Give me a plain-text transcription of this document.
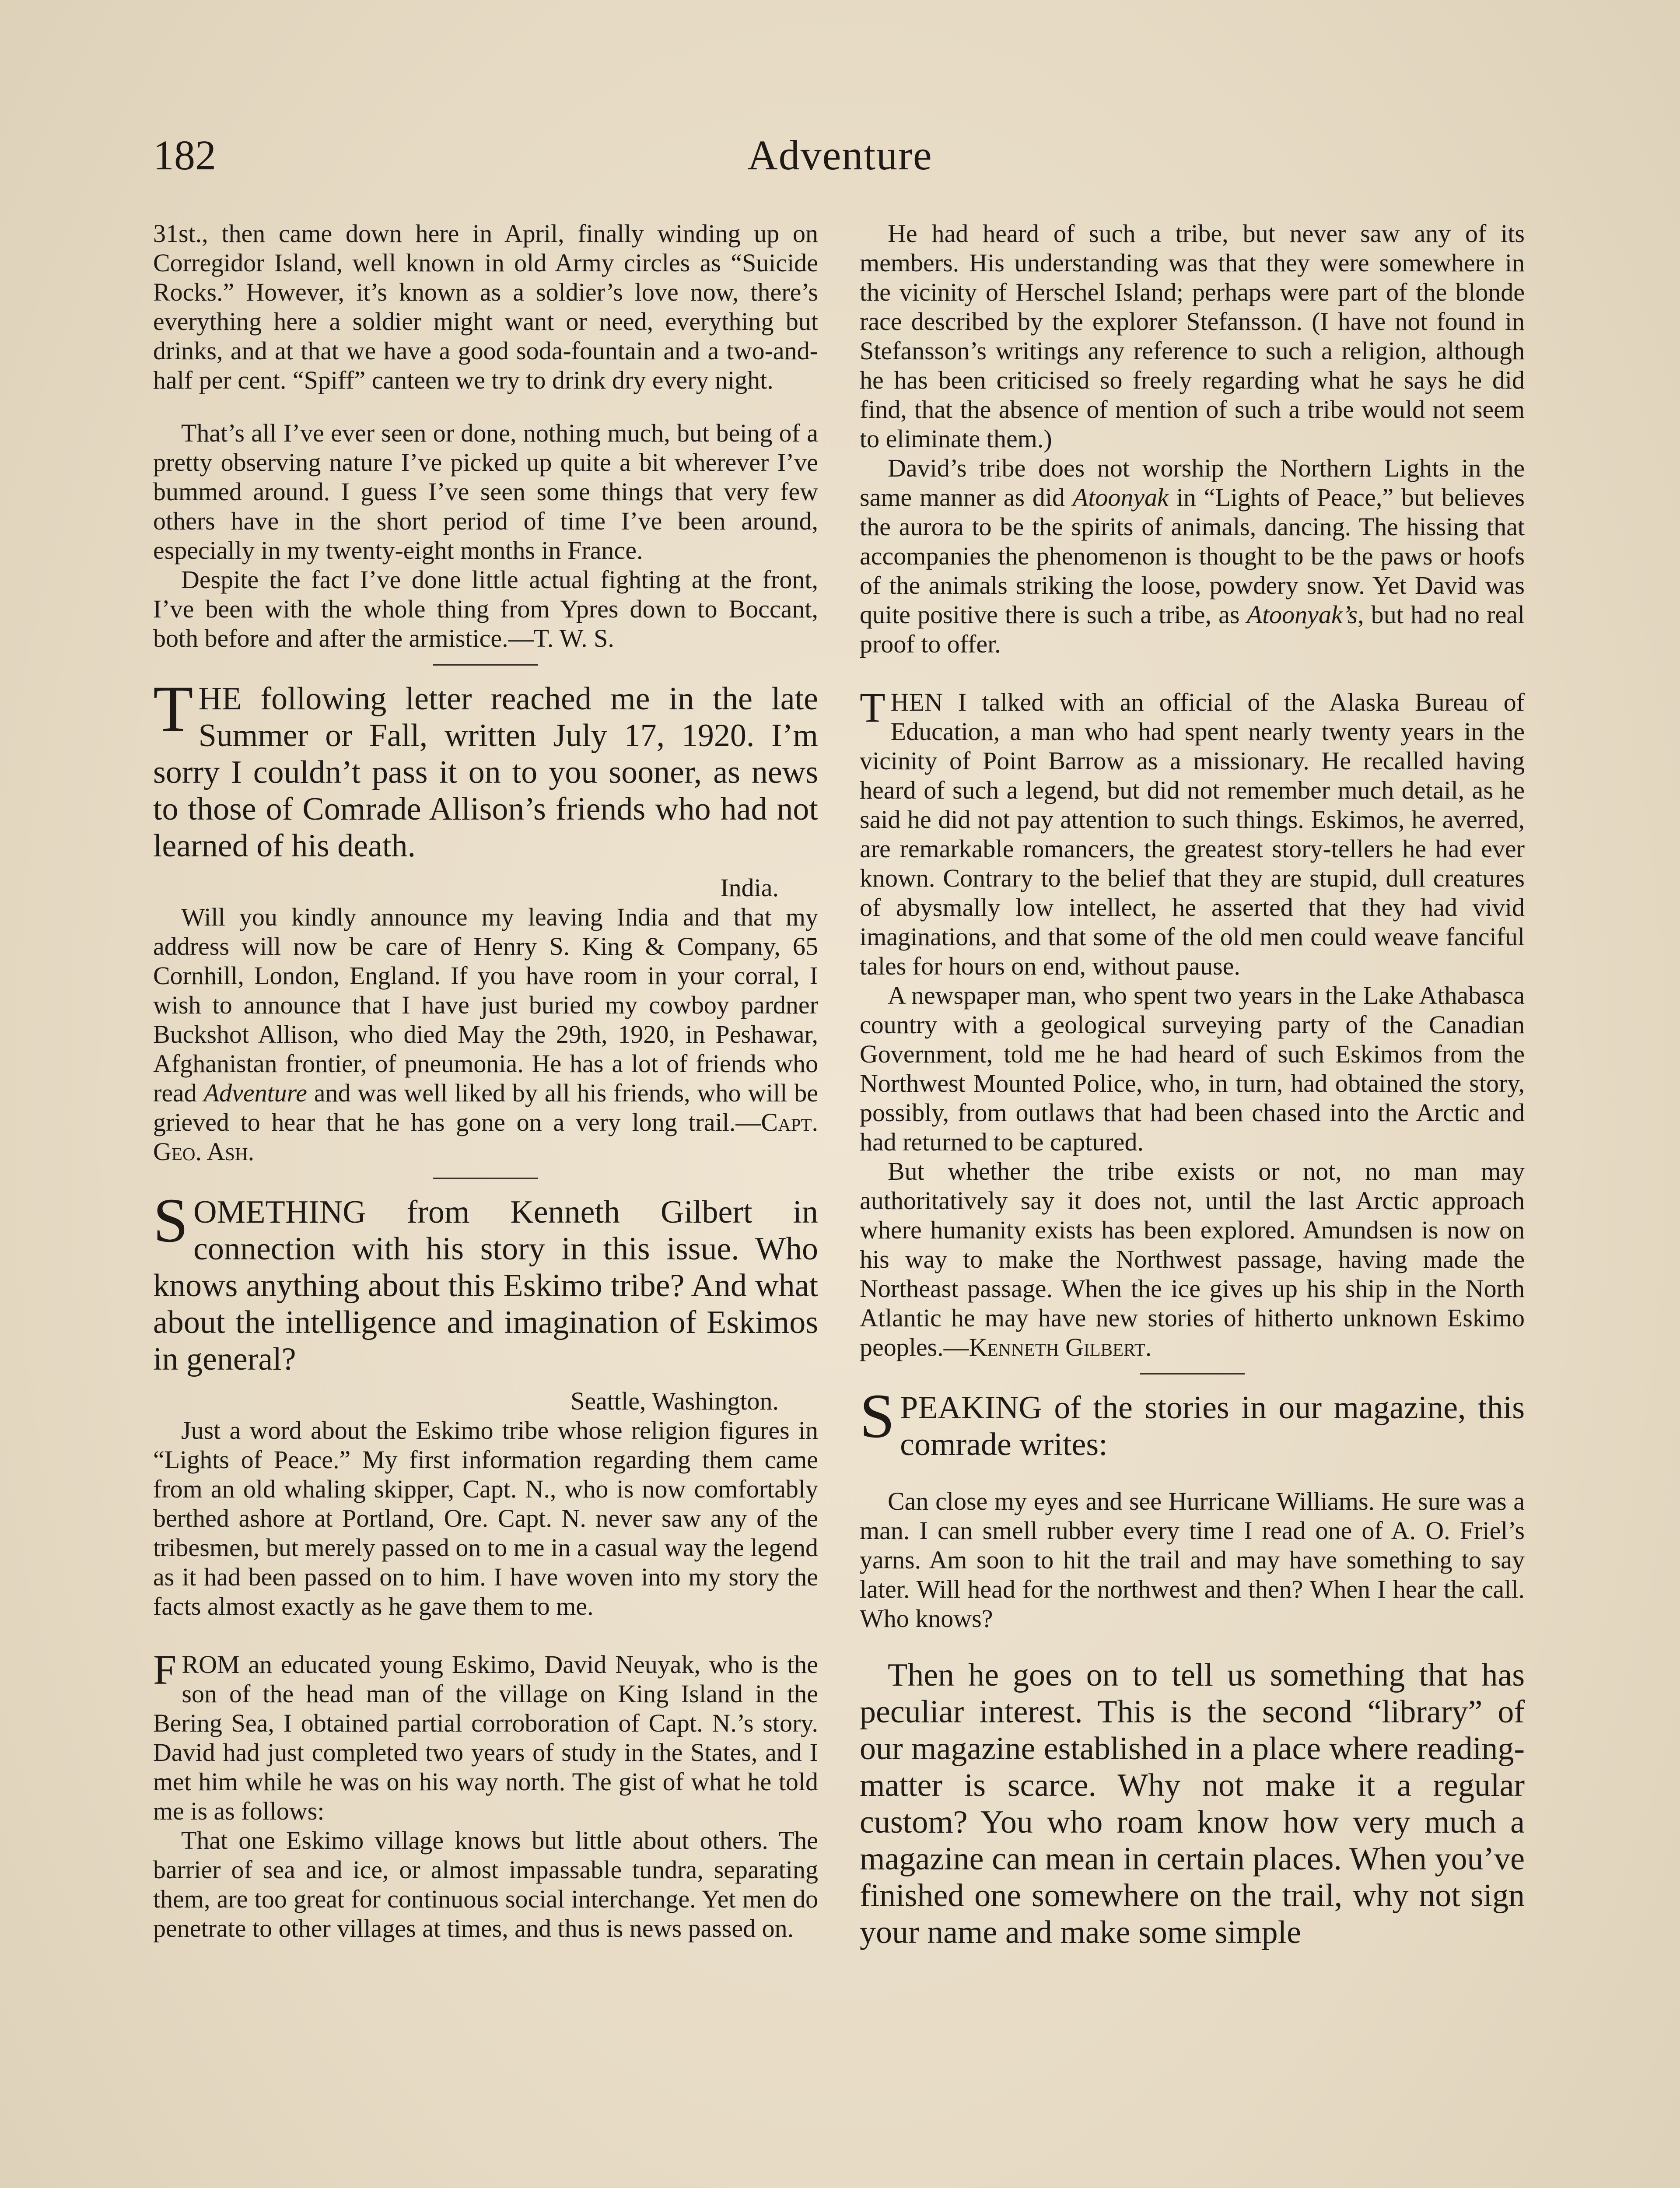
182	Adventure

31st., then came down here in April, finally winding up on Corregidor Island, well known in old Army circles as “Suicide Rocks.” However, it’s known as a soldier’s love now, there’s everything here a soldier might want or need, everything but drinks, and at that we have a good soda-fountain and a two-and-half per cent. “Spiff” canteen we try to drink dry every night.

That’s all I’ve ever seen or done, nothing much, but being of a pretty observing nature I’ve picked up quite a bit wherever I’ve bummed around. I guess I’ve seen some things that very few others have in the short period of time I’ve been around, especially in my twenty-eight months in France.

Despite the fact I’ve done little actual fighting at the front, I’ve been with the whole thing from Ypres down to Boccant, both before and after the armistice.—T. W. S.

THE following letter reached me in the late Summer or Fall, written July 17, 1920. I’m sorry I couldn’t pass it on to you sooner, as news to those of Comrade Allison’s friends who had not learned of his death.

India.

Will you kindly announce my leaving India and that my address will now be care of Henry S. King & Company, 65 Cornhill, London, England. If you have room in your corral, I wish to announce that I have just buried my cowboy pardner Buckshot Allison, who died May the 29th, 1920, in Peshawar, Afghanistan frontier, of pneumonia. He has a lot of friends who read Adventure and was well liked by all his friends, who will be grieved to hear that he has gone on a very long trail.—Capt. Geo. Ash.

SOMETHING from Kenneth Gilbert in connection with his story in this issue. Who knows anything about this Eskimo tribe? And what about the intelligence and imagination of Eskimos in general?

Seattle, Washington.

Just a word about the Eskimo tribe whose religion figures in “Lights of Peace.” My first information regarding them came from an old whaling skipper, Capt. N., who is now comfortably berthed ashore at Portland, Ore. Capt. N. never saw any of the tribesmen, but merely passed on to me in a casual way the legend as it had been passed on to him. I have woven into my story the facts almost exactly as he gave them to me.

FROM an educated young Eskimo, David Neuyak, who is the son of the head man of the village on King Island in the Bering Sea, I obtained partial corroboration of Capt. N.’s story. David had just completed two years of study in the States, and I met him while he was on his way north. The gist of what he told me is as follows:

That one Eskimo village knows but little about others. The barrier of sea and ice, or almost impassable tundra, separating them, are too great for continuous social interchange. Yet men do penetrate to other villages at times, and thus is news passed on.

He had heard of such a tribe, but never saw any of its members. His understanding was that they were somewhere in the vicinity of Herschel Island; perhaps were part of the blonde race described by the explorer Stefansson. (I have not found in Stefansson’s writings any reference to such a religion, although he has been criticised so freely regarding what he says he did find, that the absence of mention of such a tribe would not seem to eliminate them.)

David’s tribe does not worship the Northern Lights in the same manner as did Atoonyak in “Lights of Peace,” but believes the aurora to be the spirits of animals, dancing. The hissing that accompanies the phenomenon is thought to be the paws or hoofs of the animals striking the loose, powdery snow. Yet David was quite positive there is such a tribe, as Atoonyak’s, but had no real proof to offer.

THEN I talked with an official of the Alaska Bureau of Education, a man who had spent nearly twenty years in the vicinity of Point Barrow as a missionary. He recalled having heard of such a legend, but did not remember much detail, as he said he did not pay attention to such things. Eskimos, he averred, are remarkable romancers, the greatest story-tellers he had ever known. Contrary to the belief that they are stupid, dull creatures of abysmally low intellect, he asserted that they had vivid imaginations, and that some of the old men could weave fanciful tales for hours on end, without pause.

A newspaper man, who spent two years in the Lake Athabasca country with a geological surveying party of the Canadian Government, told me he had heard of such Eskimos from the Northwest Mounted Police, who, in turn, had obtained the story, possibly, from outlaws that had been chased into the Arctic and had returned to be captured.

But whether the tribe exists or not, no man may authoritatively say it does not, until the last Arctic approach where humanity exists has been explored. Amundsen is now on his way to make the Northwest passage, having made the Northeast passage. When the ice gives up his ship in the North Atlantic he may have new stories of hitherto unknown Eskimo peoples.—Kenneth Gilbert.

SPEAKING of the stories in our magazine, this comrade writes:

Can close my eyes and see Hurricane Williams. He sure was a man. I can smell rubber every time I read one of A. O. Friel’s yarns. Am soon to hit the trail and may have something to say later. Will head for the northwest and then? When I hear the call. Who knows?

Then he goes on to tell us something that has peculiar interest. This is the second “library” of our magazine established in a place where reading-matter is scarce. Why not make it a regular custom? You who roam know how very much a magazine can mean in certain places. When you’ve finished one somewhere on the trail, why not sign your name and make some simple
